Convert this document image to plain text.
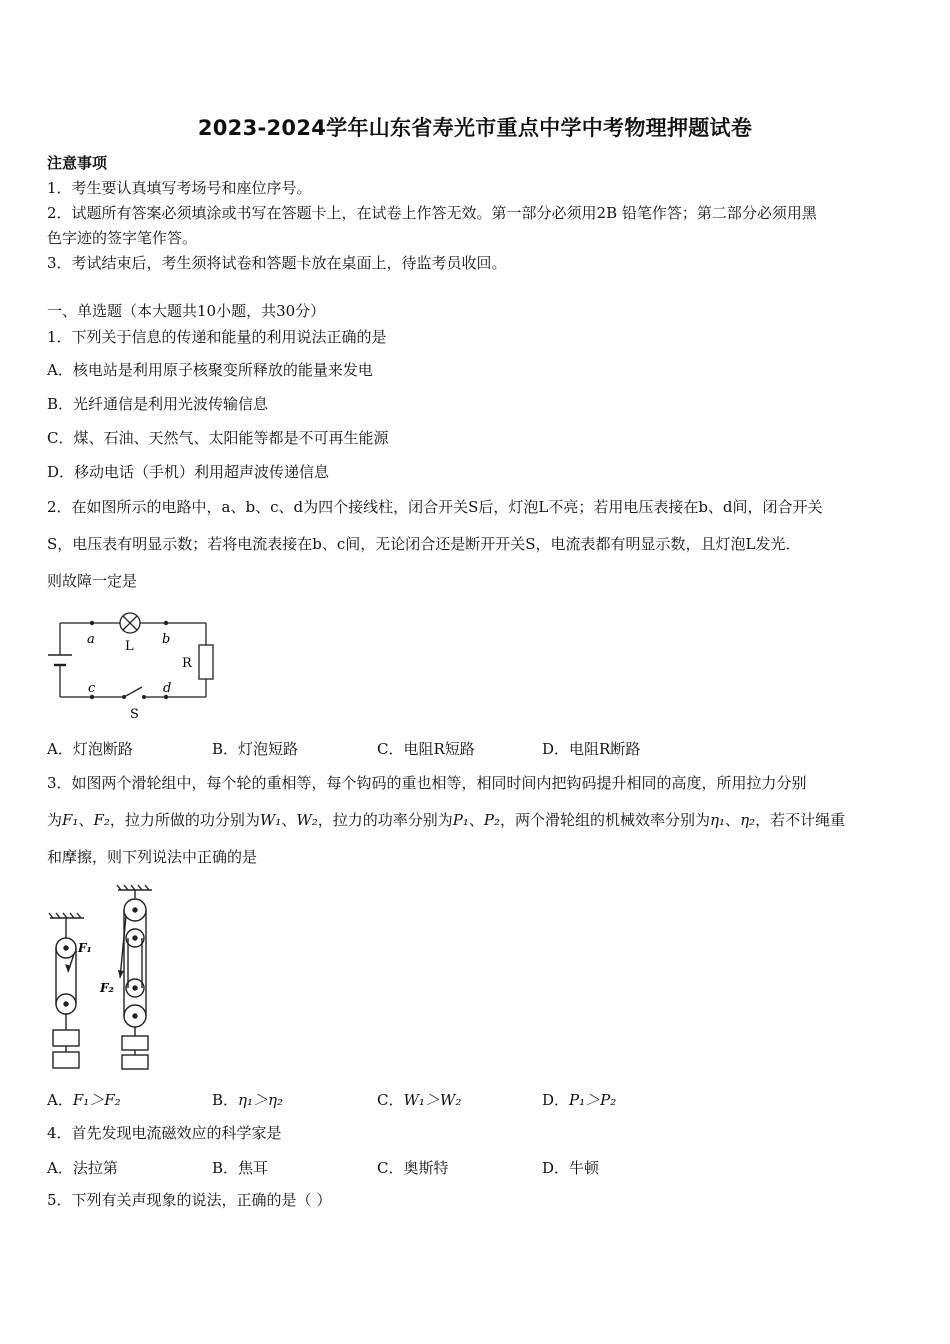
2023-2024学年山东省寿光市重点中学中考物理押题试卷
注意事项
1．考生要认真填写考场号和座位序号。
2．试题所有答案必须填涂或书写在答题卡上，在试卷上作答无效。第一部分必须用2B 铅笔作答；第二部分必须用黑
色字迹的签字笔作答。
3．考试结束后，考生须将试卷和答题卡放在桌面上，待监考员收回。
一、单选题（本大题共10小题，共30分）
1．下列关于信息的传递和能量的利用说法正确的是
A．核电站是利用原子核聚变所释放的能量来发电
B．光纤通信是利用光波传输信息
C．煤、石油、天然气、太阳能等都是不可再生能源
D．移动电话（手机）利用超声波传递信息
2．在如图所示的电路中，a、b、c、d为四个接线柱，闭合开关S后，灯泡L不亮；若用电压表接在b、d间，闭合开关
S，电压表有明显示数；若将电流表接在b、c间，无论闭合还是断开开关S，电流表都有明显示数，且灯泡L发光．
则故障一定是
a	b
c	d
L
R
S
A．灯泡断路	B．灯泡短路	C．电阻R短路	D．电阻R断路
3．如图两个滑轮组中，每个轮的重相等，每个钩码的重也相等，相同时间内把钩码提升相同的高度，所用拉力分别
为F₁、F₂，拉力所做的功分别为W₁、W₂，拉力的功率分别为P₁、P₂，两个滑轮组的机械效率分别为η₁、η₂，若不计绳重
和摩擦，则下列说法中正确的是
F₁
F₂
A．F₁＞F₂	B．η₁＞η₂	C．W₁＞W₂	D．P₁＞P₂
4．首先发现电流磁效应的科学家是
A．法拉第	B．焦耳	C．奥斯特	D．牛顿
5．下列有关声现象的说法，正确的是（ ）
